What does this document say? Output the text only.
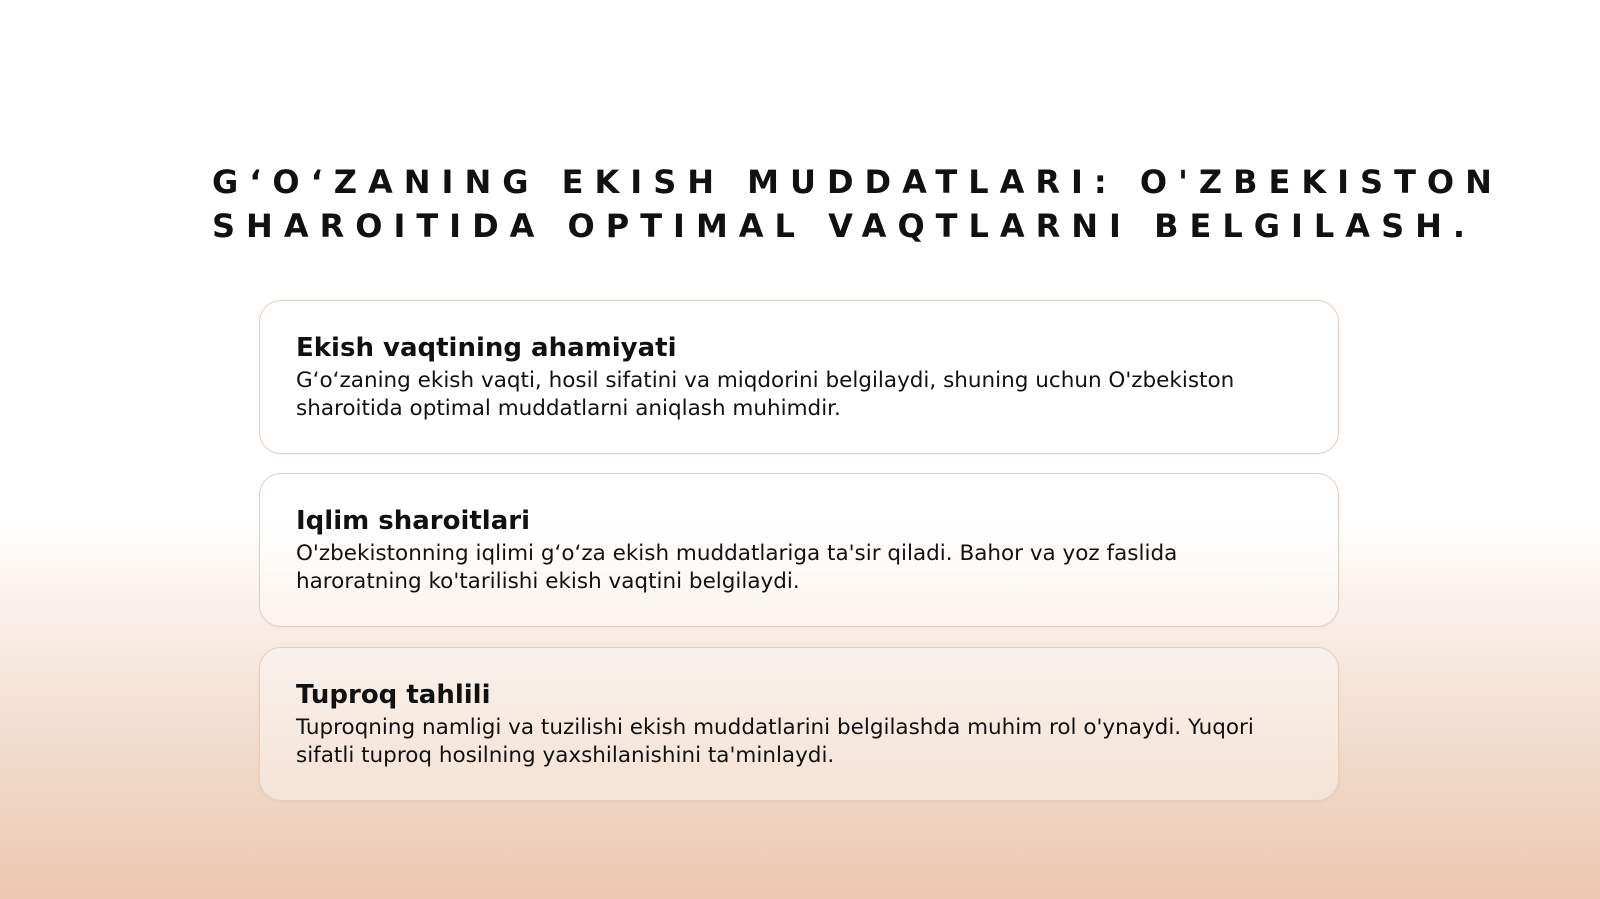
G‘O‘ZANING EKISH MUDDATLARI: O'ZBEKISTON
SHAROITIDA OPTIMAL VAQTLARNI BELGILASH.
Ekish vaqtining ahamiyati

G‘o‘zaning ekish vaqti, hosil sifatini va miqdorini belgilaydi, shuning uchun O'zbekiston sharoitida optimal muddatlarni aniqlash muhimdir.

Iqlim sharoitlari

O'zbekistonning iqlimi g‘o‘za ekish muddatlariga ta'sir qiladi. Bahor va yoz faslida haroratning ko'tarilishi ekish vaqtini belgilaydi.

Tuproq tahlili

Tuproqning namligi va tuzilishi ekish muddatlarini belgilashda muhim rol o'ynaydi. Yuqori sifatli tuproq hosilning yaxshilanishini ta'minlaydi.
